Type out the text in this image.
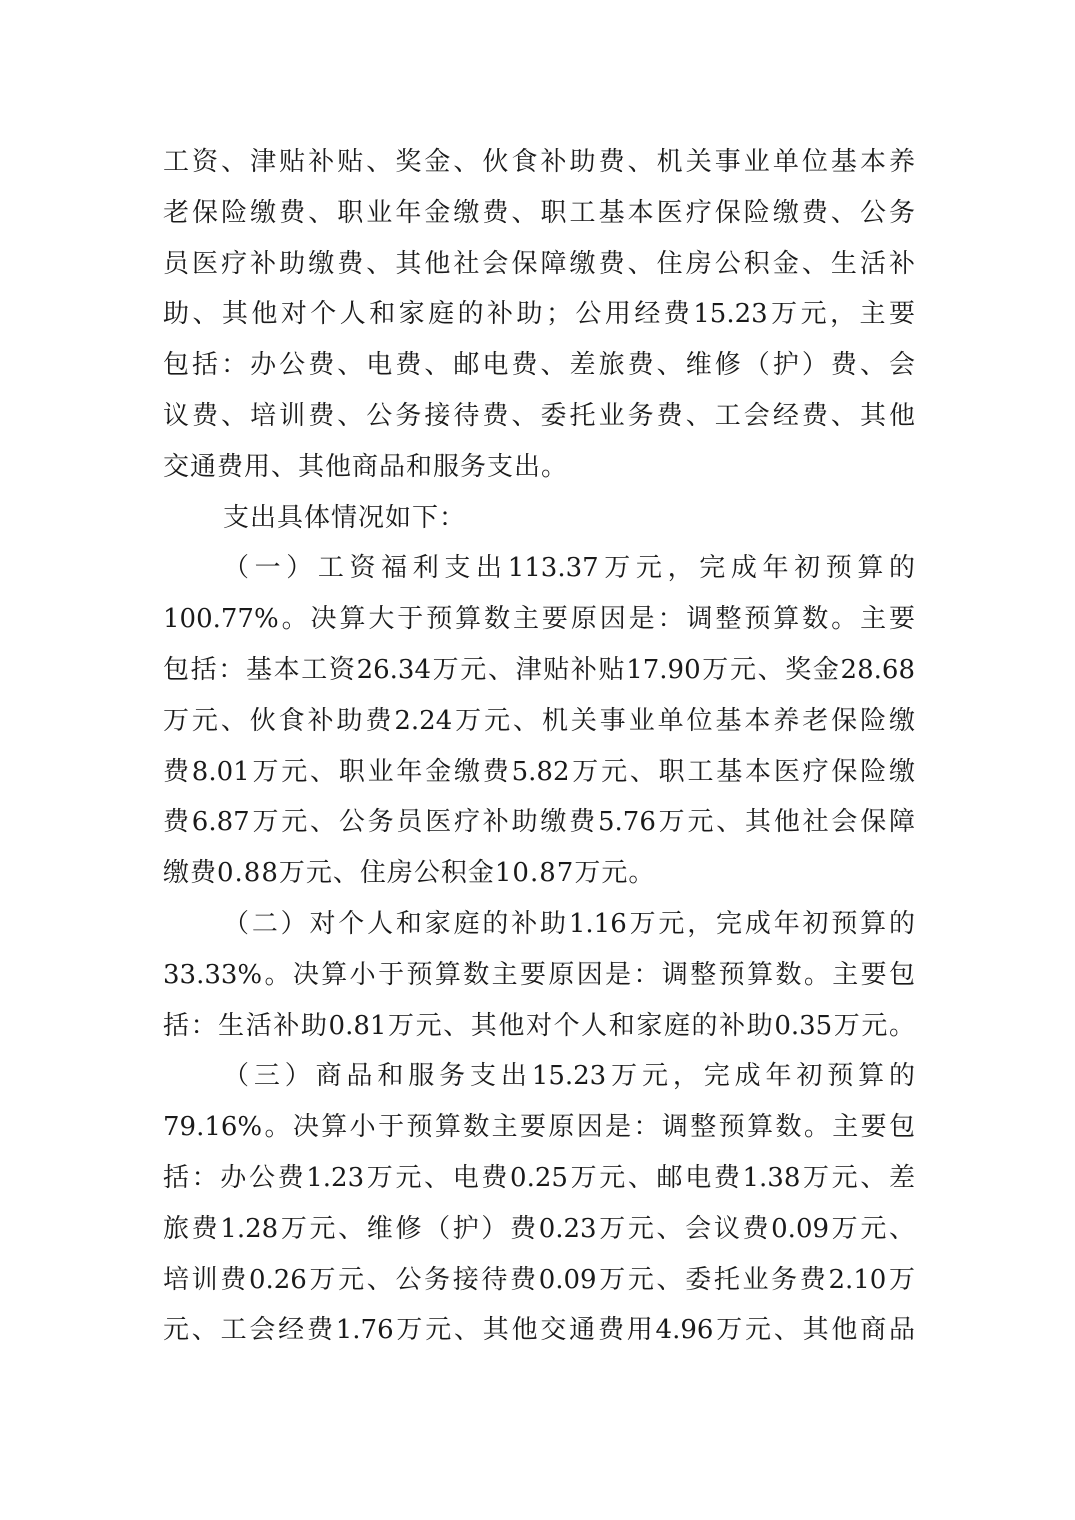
工资、津贴补贴、奖金、伙食补助费、机关事业单位基本养
老保险缴费、职业年金缴费、职工基本医疗保险缴费、公务
员医疗补助缴费、其他社会保障缴费、住房公积金、生活补
助、其他对个人和家庭的补助；公用经费15.23万元，主要
包括：办公费、电费、邮电费、差旅费、维修（护）费、会
议费、培训费、公务接待费、委托业务费、工会经费、其他
交通费用、其他商品和服务支出。
支出具体情况如下：
（一）工资福利支出113.37万元，完成年初预算的
100.77%。决算大于预算数主要原因是：调整预算数。主要
包括：基本工资26.34万元、津贴补贴17.90万元、奖金28.68
万元、伙食补助费2.24万元、机关事业单位基本养老保险缴
费8.01万元、职业年金缴费5.82万元、职工基本医疗保险缴
费6.87万元、公务员医疗补助缴费5.76万元、其他社会保障
缴费0.88万元、住房公积金10.87万元。
（二）对个人和家庭的补助1.16万元，完成年初预算的
33.33%。决算小于预算数主要原因是：调整预算数。主要包
括：生活补助0.81万元、其他对个人和家庭的补助0.35万元。
（三）商品和服务支出15.23万元，完成年初预算的
79.16%。决算小于预算数主要原因是：调整预算数。主要包
括：办公费1.23万元、电费0.25万元、邮电费1.38万元、差
旅费1.28万元、维修（护）费0.23万元、会议费0.09万元、
培训费0.26万元、公务接待费0.09万元、委托业务费2.10万
元、工会经费1.76万元、其他交通费用4.96万元、其他商品
